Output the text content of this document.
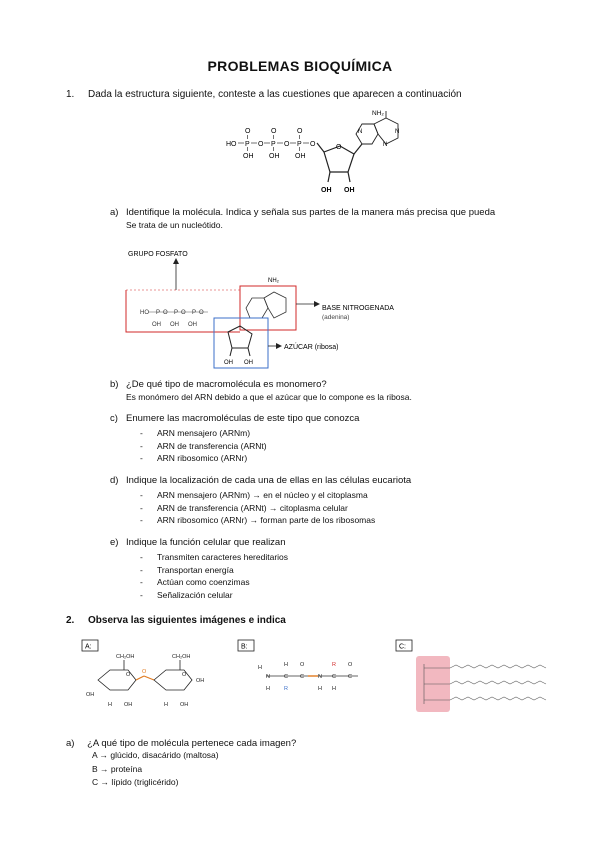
PROBLEMAS BIOQUÍMICA
1. Dada la estructura siguiente, conteste a las cuestiones que aparecen a continuación
NH₂
HO P
O
OH
O P
O
OH
O P
O
OH
O	O
OH OH
N	N
N
a) Identifique la molécula. Indica y señala sus partes de la manera más precisa que pueda
Se trata de un nucleótido.
GRUPO FOSFATO
HO P O P O P O
OH OH OH
NH₂
OH OH
BASE NITROGENADA
(adenina)
AZÚCAR (ribosa)
b) ¿De qué tipo de macromolécula es monomero?
Es monómero del ARN debido a que el azúcar que lo compone es la ribosa.
c) Enumere las macromoléculas de este tipo que conozca
- ARN mensajero (ARNm)
- ARN de transferencia (ARNt)
- ARN ribosomico (ARNr)
d) Indique la localización de cada una de ellas en las células eucariota
- ARN mensajero (ARNm) → en el núcleo y el citoplasma
- ARN de transferencia (ARNt) → citoplasma celular
- ARN ribosomico (ARNr) → forman parte de los ribosomas
e) Indique la función celular que realizan
- Transmiten caracteres hereditarios
- Transportan energía
- Actúan como coenzimas
- Señalización celular
2. Observa las siguientes imágenes e indica
A:
CH₂OH	CH₂OH
O	O
O
OH
H OH	H OH
OH
B:
H
N
H
H
C
R
O
C	N
H
R
C
H
C
O
C:
a) ¿A qué tipo de molécula pertenece cada imagen?
A → glúcido, disacárido (maltosa)
B → proteína
C → lípido (triglicérido)
